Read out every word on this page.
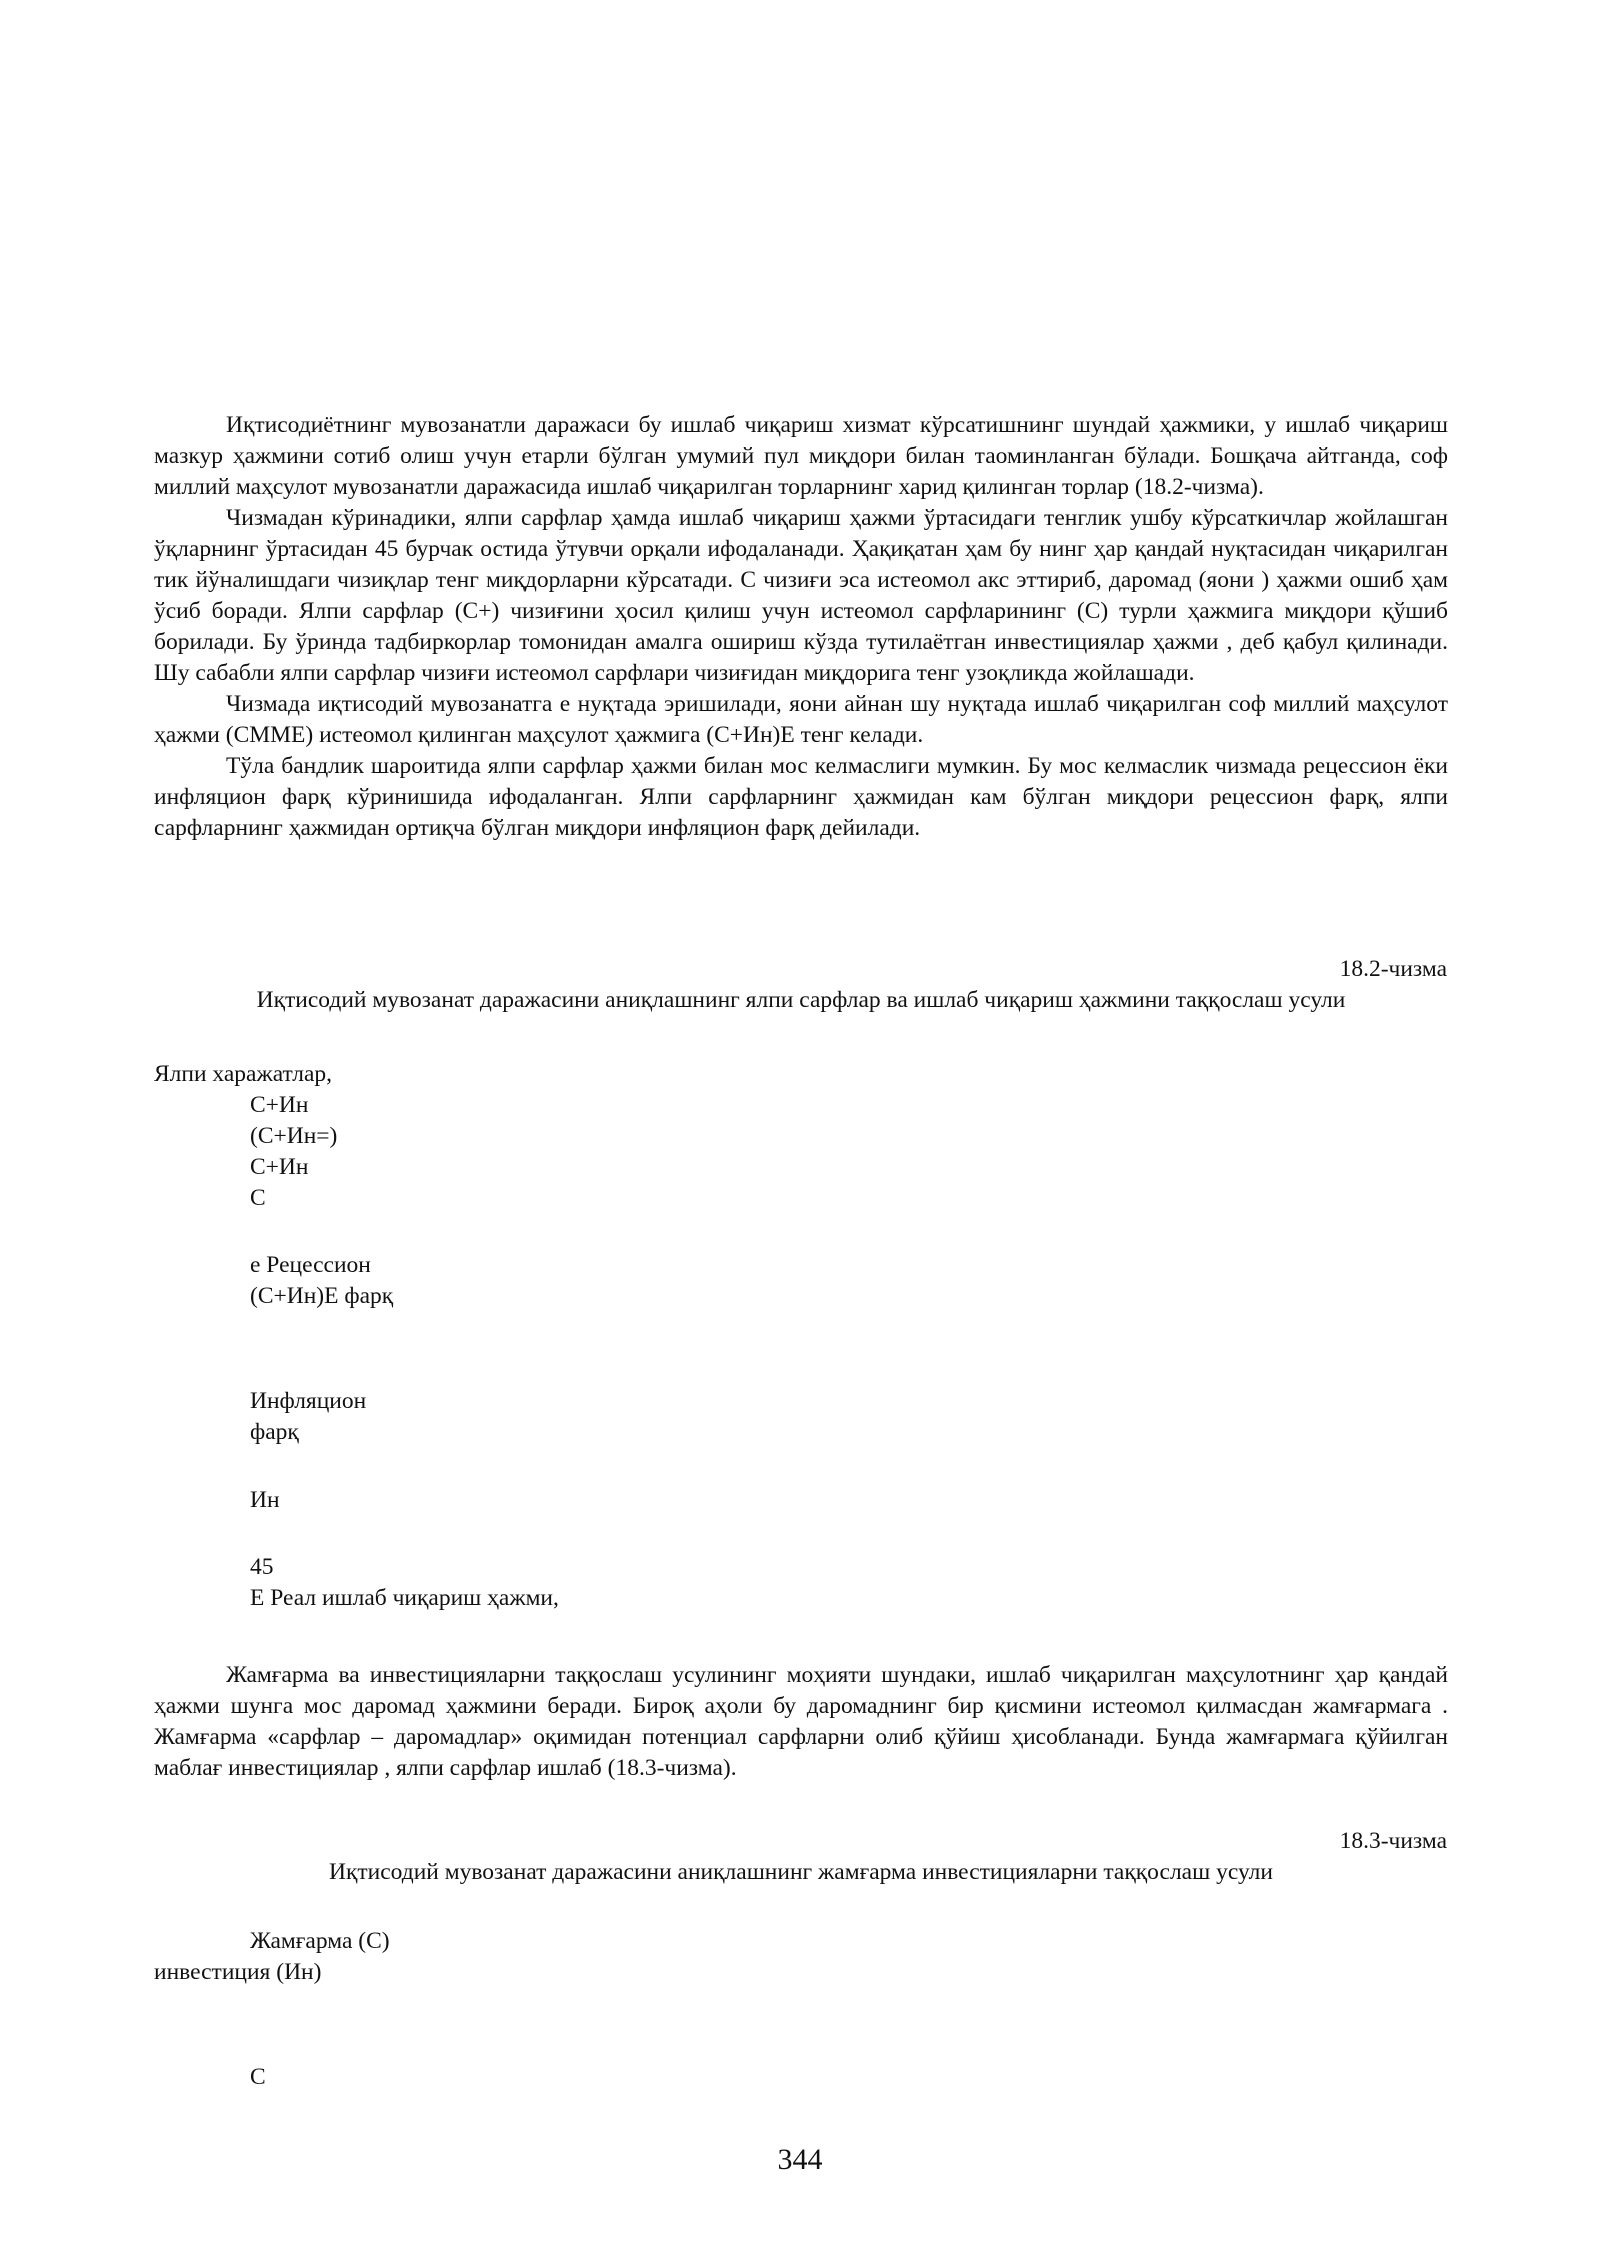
Иқтисодиётнинг мувозанатли даражаси бу ишлаб чиқариш хизмат кўрсатишнинг шундай ҳажмики, у ишлаб чиқариш мазкур ҳажмини сотиб олиш учун етарли бўлган умумий пул миқдори билан таоминланган бўлади. Бошқача айтганда, соф миллий маҳсулот мувозанатли даражасида ишлаб чиқарилган торларнинг харид қилинган торлар (18.2-чизма).

Чизмадан кўринадики, ялпи сарфлар ҳамда ишлаб чиқариш ҳажми ўртасидаги тенглик ушбу кўрсаткичлар жойлашган ўқларнинг ўртасидан 45 бурчак остида ўтувчи орқали ифодаланади. Ҳақиқатан ҳам бу нинг ҳар қандай нуқтасидан чиқарилган тик йўналишдаги чизиқлар тенг миқдорларни кўрсатади. С чизиғи эса истеомол акс эттириб, даромад (яони ) ҳажми ошиб ҳам ўсиб боради. Ялпи сарфлар (С+) чизиғини ҳосил қилиш учун истеомол сарфларининг (С) турли ҳажмига миқдори қўшиб борилади. Бу ўринда тадбиркорлар томонидан амалга ошириш кўзда тутилаётган инвестициялар ҳажми , деб қабул қилинади. Шу сабабли ялпи сарфлар чизиғи истеомол сарфлари чизиғидан миқдорига тенг узоқликда жойлашади.

Чизмада иқтисодий мувозанатга е нуқтада эришилади, яони айнан шу нуқтада ишлаб чиқарилган соф миллий маҳсулот ҳажми (СММЕ) истеомол қилинган маҳсулот ҳажмига (С+Ин)Е тенг келади.

Тўла бандлик шароитида ялпи сарфлар ҳажми билан мос келмаслиги мумкин. Бу мос келмаслик чизмада рецессион ёки инфляцион фарқ кўринишида ифодаланган. Ялпи сарфларнинг ҳажмидан кам бўлган миқдори рецессион фарқ, ялпи сарфларнинг ҳажмидан ортиқча бўлган миқдори инфляцион фарқ дейилади.

18.2-чизма

Иқтисодий мувозанат даражасини аниқлашнинг ялпи сарфлар ва ишлаб чиқариш ҳажмини таққослаш усули

Ялпи харажатлар,

С+Ин

(С+Ин=)

С+Ин

С

е Рецессион

(С+Ин)Е фарқ

Инфляцион

фарқ

Ин

45

Е Реал ишлаб чиқариш ҳажми,

Жамғарма ва инвестицияларни таққослаш усулининг моҳияти шундаки, ишлаб чиқарилган маҳсулотнинг ҳар қандай ҳажми шунга мос даромад ҳажмини беради. Бироқ аҳоли бу даромаднинг бир қисмини истеомол қилмасдан жамғармага . Жамғарма «сарфлар – даромадлар» оқимидан потенциал сарфларни олиб қўйиш ҳисобланади. Бунда жамғармага қўйилган маблағ инвестициялар , ялпи сарфлар ишлаб (18.3-чизма).

18.3-чизма

Иқтисодий мувозанат даражасини аниқлашнинг жамғарма инвестицияларни таққослаш усули

Жамғарма (С)

инвестиция (Ин)

С

344
